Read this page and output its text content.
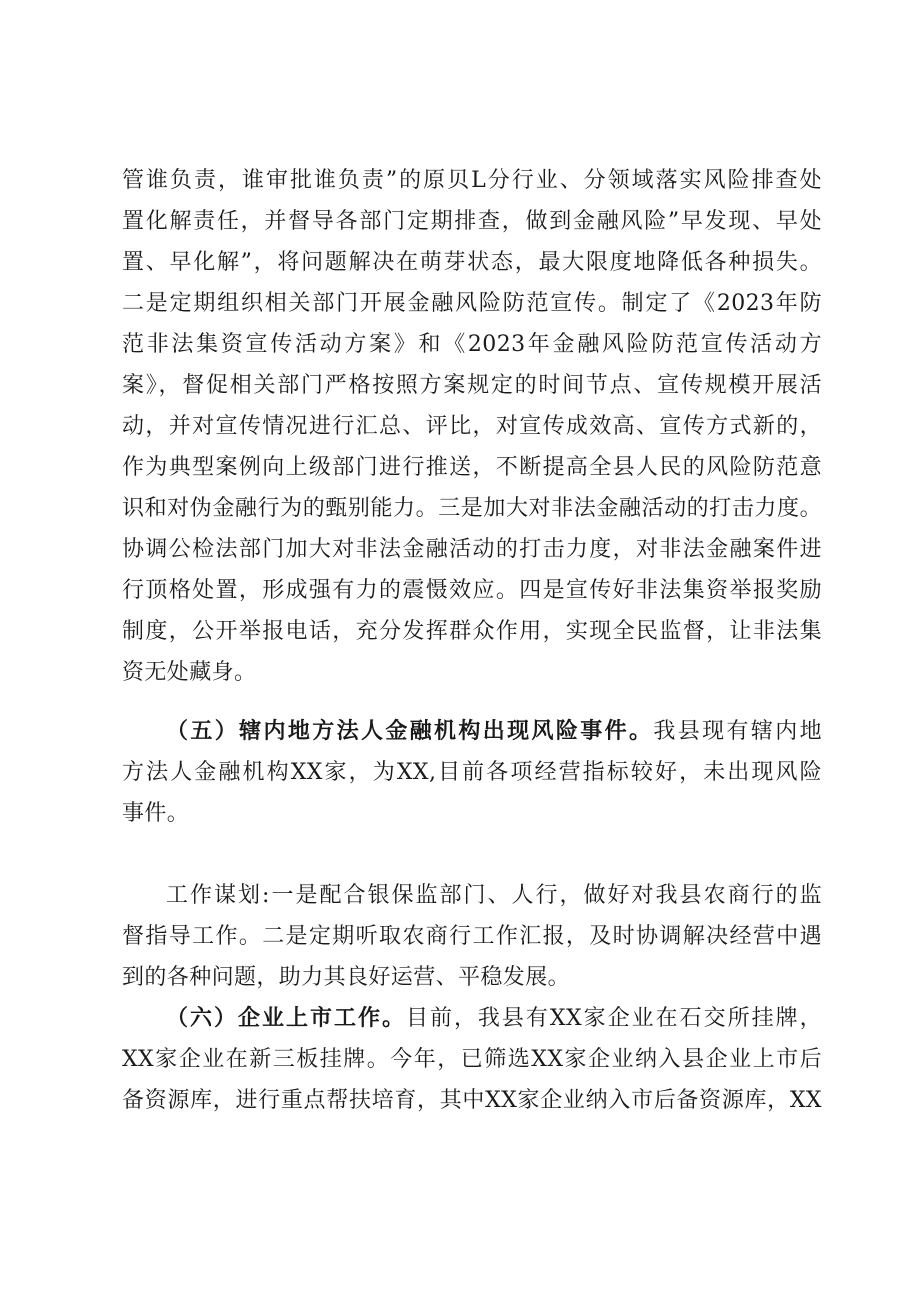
管谁负责，谁审批谁负责”的原贝L分行业、分领域落实风险排查处
置化解责任，并督导各部门定期排查，做到金融风险”早发现、早处
置、早化解”，将问题解决在萌芽状态，最大限度地降低各种损失。
二是定期组织相关部门开展金融风险防范宣传。制定了《2023年防
范非法集资宣传活动方案》和《2023年金融风险防范宣传活动方
案》，督促相关部门严格按照方案规定的时间节点、宣传规模开展活
动，并对宣传情况进行汇总、评比，对宣传成效高、宣传方式新的，
作为典型案例向上级部门进行推送，不断提高全县人民的风险防范意
识和对伪金融行为的甄别能力。三是加大对非法金融活动的打击力度。
协调公检法部门加大对非法金融活动的打击力度，对非法金融案件进
行顶格处置，形成强有力的震慑效应。四是宣传好非法集资举报奖励
制度，公开举报电话，充分发挥群众作用，实现全民监督，让非法集
资无处藏身。
（五）辖内地方法人金融机构出现风险事件。我县现有辖内地
方法人金融机构XX家，为XX,目前各项经营指标较好，未出现风险
事件。
工作谋划:一是配合银保监部门、人行，做好对我县农商行的监
督指导工作。二是定期听取农商行工作汇报，及时协调解决经营中遇
到的各种问题，助力其良好运营、平稳发展。
（六）企业上市工作。目前，我县有XX家企业在石交所挂牌，
XX家企业在新三板挂牌。今年，已筛选XX家企业纳入县企业上市后
备资源库，进行重点帮扶培育，其中XX家企业纳入市后备资源库，XX
